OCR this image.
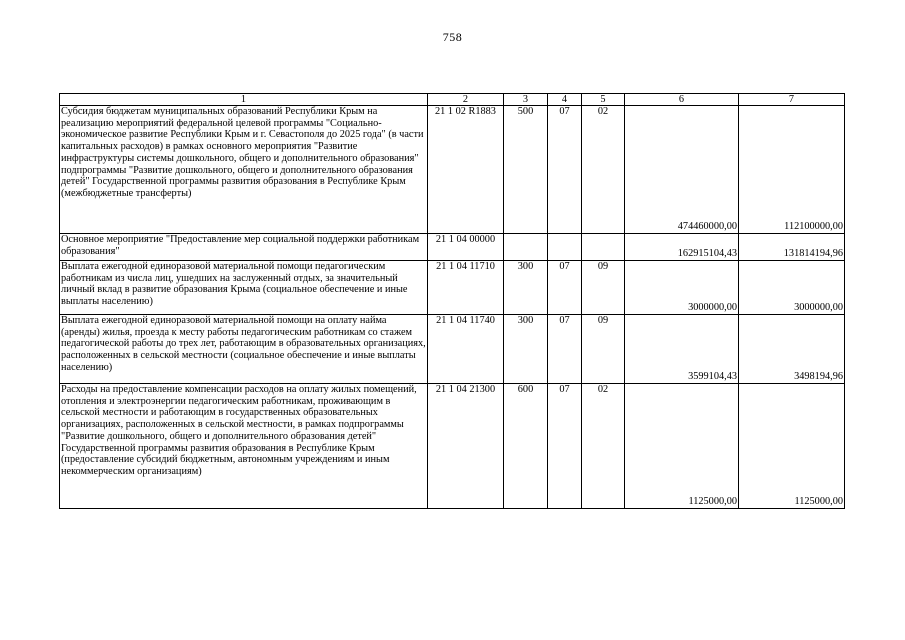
758
1	2	3	4	5	6	7
Субсидия бюджетам муниципальных образований Республики Крым на реализацию мероприятий федеральной целевой программы "Социально-экономическое развитие Республики Крым и г. Севастополя до 2025 года" (в части капитальных расходов) в рамках основного мероприятия "Развитие инфраструктуры системы дошкольного, общего и дополнительного образования" подпрограммы "Развитие дошкольного, общего и дополнительного образования детей" Государственной программы развития образования в Республике Крым (межбюджетные трансферты)	21 1 02 R1883	500	07	02	474460000,00	112100000,00
Основное мероприятие "Предоставление мер социальной поддержки работникам образования"	21 1 04 00000				162915104,43	131814194,96
Выплата ежегодной единоразовой материальной помощи педагогическим работникам из числа лиц, ушедших на заслуженный отдых, за значительный личный вклад в развитие образования Крыма (социальное обеспечение и иные выплаты населению)	21 1 04 11710	300	07	09	3000000,00	3000000,00
Выплата ежегодной единоразовой материальной помощи на оплату найма (аренды) жилья, проезда к месту работы педагогическим работникам со стажем педагогической работы до трех лет, работающим в образовательных организациях, расположенных в сельской местности (социальное обеспечение и иные выплаты населению)	21 1 04 11740	300	07	09	3599104,43	3498194,96
Расходы на предоставление компенсации расходов на оплату жилых помещений, отопления и электроэнергии педагогическим работникам, проживающим в сельской местности и работающим в государственных образовательных организациях, расположенных в сельской местности, в рамках подпрограммы "Развитие дошкольного, общего и дополнительного образования детей" Государственной программы развития образования в Республике Крым (предоставление субсидий бюджетным, автономным учреждениям и иным некоммерческим организациям)	21 1 04 21300	600	07	02	1125000,00	1125000,00
